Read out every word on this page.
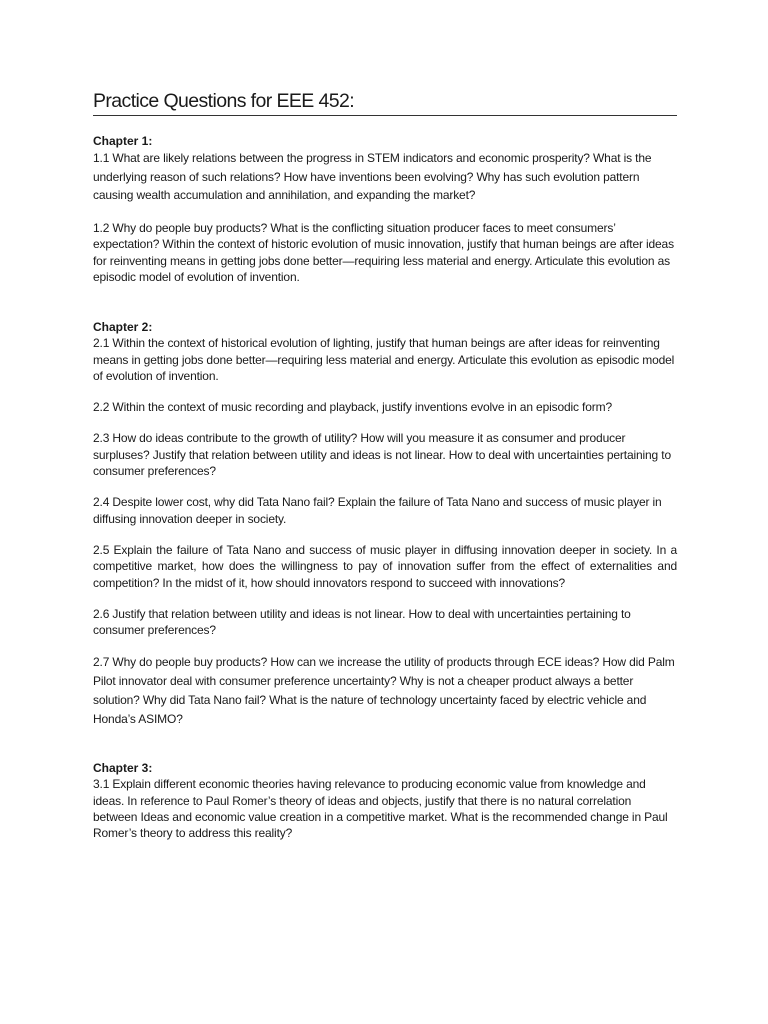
Practice Questions for EEE 452:

Chapter 1:

1.1 What are likely relations between the progress in STEM indicators and economic prosperity? What is the underlying reason of such relations? How have inventions been evolving? Why has such evolution pattern causing wealth accumulation and annihilation, and expanding the market?

1.2 Why do people buy products? What is the conflicting situation producer faces to meet consumers’ expectation? Within the context of historic evolution of music innovation, justify that human beings are after ideas for reinventing means in getting jobs done better—requiring less material and energy. Articulate this evolution as episodic model of evolution of invention.

Chapter 2:

2.1 Within the context of historical evolution of lighting, justify that human beings are after ideas for reinventing means in getting jobs done better—requiring less material and energy. Articulate this evolution as episodic model of evolution of invention.

2.2 Within the context of music recording and playback, justify inventions evolve in an episodic form?

2.3 How do ideas contribute to the growth of utility? How will you measure it as consumer and producer surpluses? Justify that relation between utility and ideas is not linear. How to deal with uncertainties pertaining to consumer preferences?

2.4 Despite lower cost, why did Tata Nano fail? Explain the failure of Tata Nano and success of music player in diffusing innovation deeper in society.

2.5 Explain the failure of Tata Nano and success of music player in diffusing innovation deeper in society. In a competitive market, how does the willingness to pay of innovation suffer from the effect of externalities and competition? In the midst of it, how should innovators respond to succeed with innovations?

2.6 Justify that relation between utility and ideas is not linear. How to deal with uncertainties pertaining to consumer preferences?

2.7 Why do people buy products? How can we increase the utility of products through ECE ideas? How did Palm Pilot innovator deal with consumer preference uncertainty? Why is not a cheaper product always a better solution? Why did Tata Nano fail? What is the nature of technology uncertainty faced by electric vehicle and Honda’s ASIMO?

Chapter 3:

3.1 Explain different economic theories having relevance to producing economic value from knowledge and ideas. In reference to Paul Romer’s theory of ideas and objects, justify that there is no natural correlation between Ideas and economic value creation in a competitive market. What is the recommended change in Paul Romer’s theory to address this reality?
